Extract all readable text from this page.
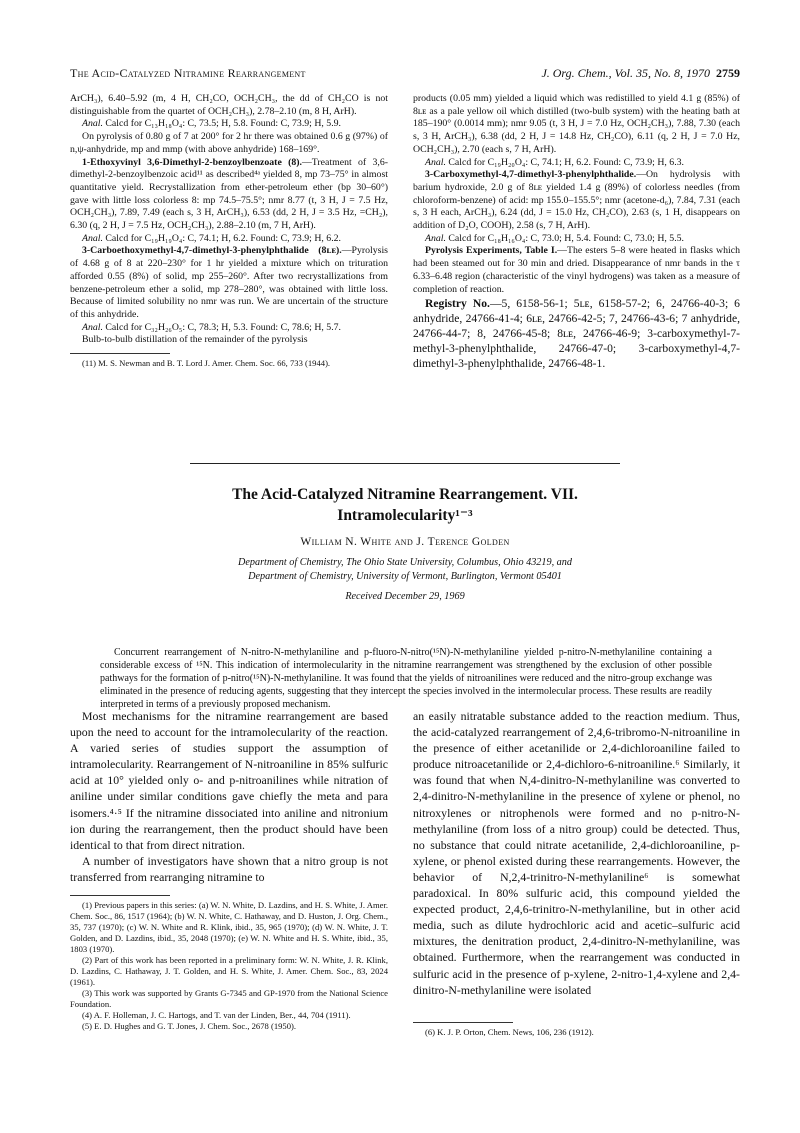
The Acid-Catalyzed Nitramine Rearrangement	J. Org. Chem., Vol. 35, No. 8, 1970 2759

ArCH₃), 6.40–5.92 (m, 4 H, CH₂CO, OCH₂CH₃, the dd of CH₂CO is not distinguishable from the quartet of OCH₂CH₃), 2.78–2.10 (m, 8 H, ArH).

Anal. Calcd for C₁₃H₁₈O₄: C, 73.5; H, 5.8. Found: C, 73.9; H, 5.9.

On pyrolysis of 0.80 g of 7 at 200° for 2 hr there was obtained 0.6 g (97%) of n,ψ-anhydride, mp and mmp (with above anhydride) 168–169°.

1-Ethoxyvinyl 3,6-Dimethyl-2-benzoylbenzoate (8).—Treatment of 3,6-dimethyl-2-benzoylbenzoic acid¹¹ as described⁴ᵃ yielded 8, mp 73–75° in almost quantitative yield. Recrystallization from ether-petroleum ether (bp 30–60°) gave with little loss colorless 8: mp 74.5–75.5°; nmr 8.77 (t, 3 H, J = 7.5 Hz, OCH₂CH₃), 7.89, 7.49 (each s, 3 H, ArCH₃), 6.53 (dd, 2 H, J = 3.5 Hz, =CH₂), 6.30 (q, 2 H, J = 7.5 Hz, OCH₂CH₃), 2.88–2.10 (m, 7 H, ArH).

Anal. Calcd for C₁₉H₁₉O₄: C, 74.1; H, 6.2. Found: C, 73.9; H, 6.2.

3-Carboethoxymethyl-4,7-dimethyl-3-phenylphthalide (8ʟᴇ).—Pyrolysis of 4.68 g of 8 at 220–230° for 1 hr yielded a mixture which on trituration afforded 0.55 (8%) of solid, mp 255–260°. After two recrystallizations from benzene-petroleum ether a solid, mp 278–280°, was obtained with little loss. Because of limited solubility no nmr was run. We are uncertain of the structure of this anhydride.

Anal. Calcd for C₃₂H₂₆O₅: C, 78.3; H, 5.3. Found: C, 78.6; H, 5.7.

Bulb-to-bulb distillation of the remainder of the pyrolysis

(11) M. S. Newman and B. T. Lord J. Amer. Chem. Soc. 66, 733 (1944).

products (0.05 mm) yielded a liquid which was redistilled to yield 4.1 g (85%) of 8ʟᴇ as a pale yellow oil which distilled (two-bulb system) with the heating bath at 185–190° (0.0014 mm); nmr 9.05 (t, 3 H, J = 7.0 Hz, OCH₂CH₃), 7.88, 7.30 (each s, 3 H, ArCH₃), 6.38 (dd, 2 H, J = 14.8 Hz, CH₂CO), 6.11 (q, 2 H, J = 7.0 Hz, OCH₂CH₃), 2.70 (each s, 7 H, ArH).

Anal. Calcd for C₁₉H₂₀O₄: C, 74.1; H, 6.2. Found: C, 73.9; H, 6.3.

3-Carboxymethyl-4,7-dimethyl-3-phenylphthalide.—On hydrolysis with barium hydroxide, 2.0 g of 8ʟᴇ yielded 1.4 g (89%) of colorless needles (from chloroform-benzene) of acid: mp 155.0–155.5°; nmr (acetone-d₆), 7.84, 7.31 (each s, 3 H each, ArCH₃), 6.24 (dd, J = 15.0 Hz, CH₂CO), 2.63 (s, 1 H, disappears on addition of D₂O, COOH), 2.58 (s, 7 H, ArH).

Anal. Calcd for C₁₈H₁₆O₄: C, 73.0; H, 5.4. Found: C, 73.0; H, 5.5.

Pyrolysis Experiments, Table I.—The esters 5–8 were heated in flasks which had been steamed out for 30 min and dried. Disappearance of nmr bands in the τ 6.33–6.48 region (characteristic of the vinyl hydrogens) was taken as a measure of completion of reaction.

Registry No.—5, 6158-56-1; 5ʟᴇ, 6158-57-2; 6, 24766-40-3; 6 anhydride, 24766-41-4; 6ʟᴇ, 24766-42-5; 7, 24766-43-6; 7 anhydride, 24766-44-7; 8, 24766-45-8; 8ʟᴇ, 24766-46-9; 3-carboxymethyl-7-methyl-3-phenylphthalide, 24766-47-0; 3-carboxymethyl-4,7-dimethyl-3-phenylphthalide, 24766-48-1.

The Acid-Catalyzed Nitramine Rearrangement. VII.
Intramolecularity¹⁻³

William N. White and J. Terence Golden
Department of Chemistry, The Ohio State University, Columbus, Ohio 43219, and
Department of Chemistry, University of Vermont, Burlington, Vermont 05401
Received December 29, 1969

Concurrent rearrangement of N-nitro-N-methylaniline and p-fluoro-N-nitro(¹⁵N)-N-methylaniline yielded p-nitro-N-methylaniline containing a considerable excess of ¹⁵N. This indication of intermolecularity in the nitramine rearrangement was strengthened by the exclusion of other possible pathways for the formation of p-nitro(¹⁵N)-N-methylaniline. It was found that the yields of nitroanilines were reduced and the nitro-group exchange was eliminated in the presence of reducing agents, suggesting that they intercept the species involved in the intermolecular process. These results are readily interpreted in terms of a previously proposed mechanism.

Most mechanisms for the nitramine rearrangement are based upon the need to account for the intramolecularity of the reaction. A varied series of studies support the assumption of intramolecularity. Rearrangement of N-nitroaniline in 85% sulfuric acid at 10° yielded only o- and p-nitroanilines while nitration of aniline under similar conditions gave chiefly the meta and para isomers.⁴·⁵ If the nitramine dissociated into aniline and nitronium ion during the rearrangement, then the product should have been identical to that from direct nitration.

A number of investigators have shown that a nitro group is not transferred from rearranging nitramine to

(1) Previous papers in this series: (a) W. N. White, D. Lazdins, and H. S. White, J. Amer. Chem. Soc., 86, 1517 (1964); (b) W. N. White, C. Hathaway, and D. Huston, J. Org. Chem., 35, 737 (1970); (c) W. N. White and R. Klink, ibid., 35, 965 (1970); (d) W. N. White, J. T. Golden, and D. Lazdins, ibid., 35, 2048 (1970); (e) W. N. White and H. S. White, ibid., 35, 1803 (1970).

(2) Part of this work has been reported in a preliminary form: W. N. White, J. R. Klink, D. Lazdins, C. Hathaway, J. T. Golden, and H. S. White, J. Amer. Chem. Soc., 83, 2024 (1961).

(3) This work was supported by Grants G-7345 and GP-1970 from the National Science Foundation.

(4) A. F. Holleman, J. C. Hartogs, and T. van der Linden, Ber., 44, 704 (1911).

(5) E. D. Hughes and G. T. Jones, J. Chem. Soc., 2678 (1950).

an easily nitratable substance added to the reaction medium. Thus, the acid-catalyzed rearrangement of 2,4,6-tribromo-N-nitroaniline in the presence of either acetanilide or 2,4-dichloroaniline failed to produce nitroacetanilide or 2,4-dichloro-6-nitroaniline.⁶ Similarly, it was found that when N,4-dinitro-N-methylaniline was converted to 2,4-dinitro-N-methylaniline in the presence of xylene or phenol, no nitroxylenes or nitrophenols were formed and no p-nitro-N-methylaniline (from loss of a nitro group) could be detected. Thus, no substance that could nitrate acetanilide, 2,4-dichloroaniline, p-xylene, or phenol existed during these rearrangements. However, the behavior of N,2,4-trinitro-N-methylaniline⁶ is somewhat paradoxical. In 80% sulfuric acid, this compound yielded the expected product, 2,4,6-trinitro-N-methylaniline, but in other acid media, such as dilute hydrochloric acid and acetic–sulfuric acid mixtures, the denitration product, 2,4-dinitro-N-methylaniline, was obtained. Furthermore, when the rearrangement was conducted in sulfuric acid in the presence of p-xylene, 2-nitro-1,4-xylene and 2,4-dinitro-N-methylaniline were isolated

(6) K. J. P. Orton, Chem. News, 106, 236 (1912).
